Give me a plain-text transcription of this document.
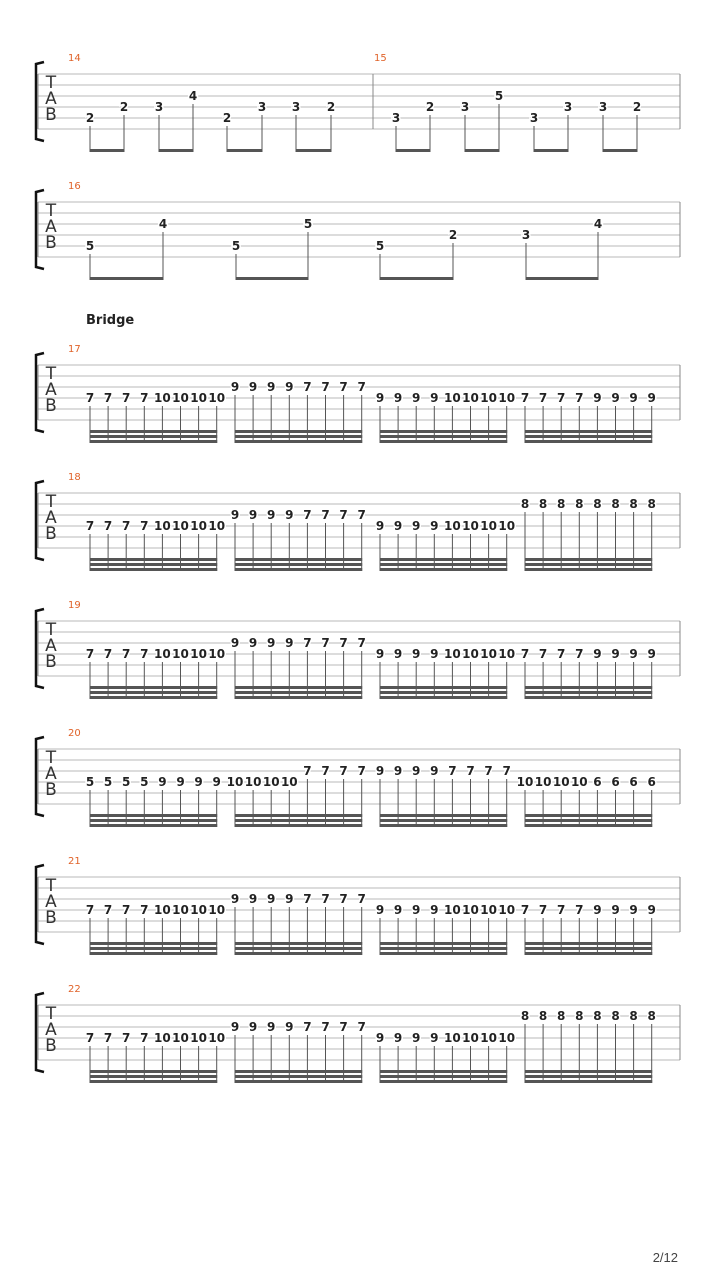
T
A
B
14
2
2 3
4
2
3 3 2
15
3
2 3
5
3
3 3 2
T
A
B
16
5
4
5
5
5
2	3
4
T
A
B
17
7 7 7 7 10 10 10 10
9 9 9 9 7 7 7 7
9 9 9 9 10 10 10 10 7 7 7 7 9 9 9 9
Bridge
T
A
B
18
7 7 7 7 10 10 10 10
9 9 9 9 7 7 7 7
9 9 9 9 10 10 10 10
8 8 8 8 8 8 8 8
T
A
B
19
7 7 7 7 10 10 10 10
9 9 9 9 7 7 7 7
9 9 9 9 10 10 10 10 7 7 7 7 9 9 9 9
T
A
B
20
5 5 5 5 9 9 9 9 10 10 10 10
7 7 7 7 9 9 9 9 7 7 7 7
10 10 10 10 6 6 6 6
T
A
B
21
7 7 7 7 10 10 10 10
9 9 9 9 7 7 7 7
9 9 9 9 10 10 10 10 7 7 7 7 9 9 9 9
T
A
B
22
7 7 7 7 10 10 10 10
9 9 9 9 7 7 7 7
9 9 9 9 10 10 10 10
8 8 8 8 8 8 8 8
2/12
